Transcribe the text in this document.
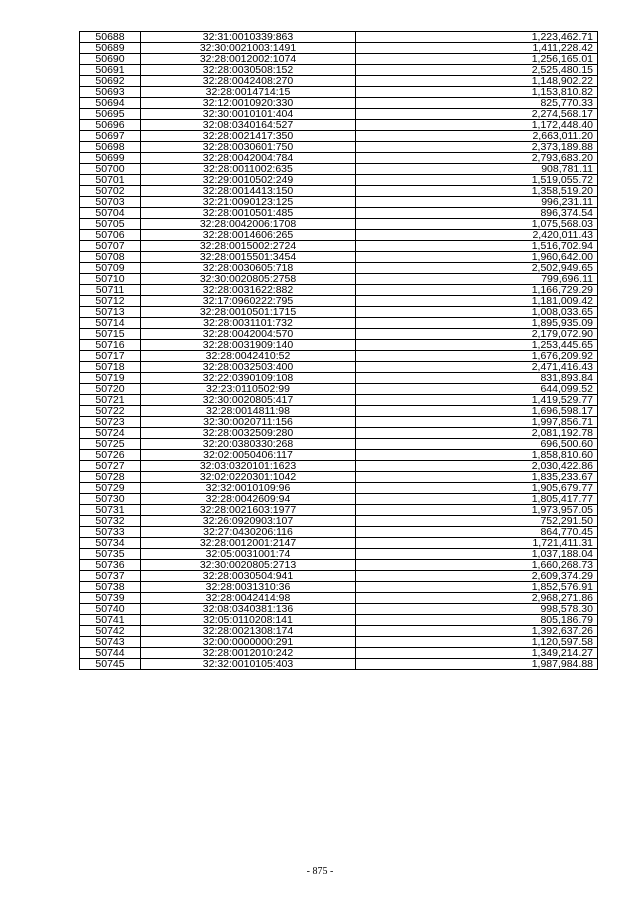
50688	32:31:0010339:863	1,223,462.71
50689	32:30:0021003:1491	1,411,228.42
50690	32:28:0012002:1074	1,256,165.01
50691	32:28:0030508:152	2,525,480.15
50692	32:28:0042408:270	1,148,902.22
50693	32:28:0014714:15	1,153,810.82
50694	32:12:0010920:330	825,770.33
50695	32:30:0010101:404	2,274,568.17
50696	32:08:0340164:527	1,172,448.40
50697	32:28:0021417:350	2,663,011.20
50698	32:28:0030601:750	2,373,189.88
50699	32:28:0042004:784	2,793,683.20
50700	32:28:0011002:635	908,781.11
50701	32:29:0010502:249	1,519,055.72
50702	32:28:0014413:150	1,358,519.20
50703	32:21:0090123:125	996,231.11
50704	32:28:0010501:485	896,374.54
50705	32:28:0042006:1708	1,075,568.03
50706	32:28:0014606:265	2,420,011.43
50707	32:28:0015002:2724	1,516,702.94
50708	32:28:0015501:3454	1,960,642.00
50709	32:28:0030605:718	2,502,949.65
50710	32:30:0020805:2758	799,696.11
50711	32:28:0031622:882	1,166,729.29
50712	32:17:0960222:795	1,181,009.42
50713	32:28:0010501:1715	1,008,033.65
50714	32:28:0031101:732	1,895,935.09
50715	32:28:0042004:570	2,179,072.90
50716	32:28:0031909:140	1,253,445.65
50717	32:28:0042410:52	1,676,209.92
50718	32:28:0032503:400	2,471,416.43
50719	32:22:0390109:108	831,893.84
50720	32:23:0110502:99	644,099.52
50721	32:30:0020805:417	1,419,529.77
50722	32:28:0014811:98	1,696,598.17
50723	32:30:0020711:156	1,997,856.71
50724	32:28:0032509:280	2,081,192.78
50725	32:20:0380330:268	696,500.60
50726	32:02:0050406:117	1,858,810.60
50727	32:03:0320101:1623	2,030,422.86
50728	32:02:0220301:1042	1,835,233.67
50729	32:32:0010109:96	1,905,679.77
50730	32:28:0042609:94	1,805,417.77
50731	32:28:0021603:1977	1,973,957.05
50732	32:26:0920903:107	752,291.50
50733	32:27:0430206:116	864,770.45
50734	32:28:0012001:2147	1,721,411.31
50735	32:05:0031001:74	1,037,188.04
50736	32:30:0020805:2713	1,660,268.73
50737	32:28:0030504:941	2,609,374.29
50738	32:28:0031310:36	1,852,576.91
50739	32:28:0042414:98	2,968,271.86
50740	32:08:0340381:136	998,578.30
50741	32:05:0110208:141	805,186.79
50742	32:28:0021308:174	1,392,637.26
50743	32:00:0000000:291	1,120,597.58
50744	32:28:0012010:242	1,349,214.27
50745	32:32:0010105:403	1,987,984.88
- 875 -
